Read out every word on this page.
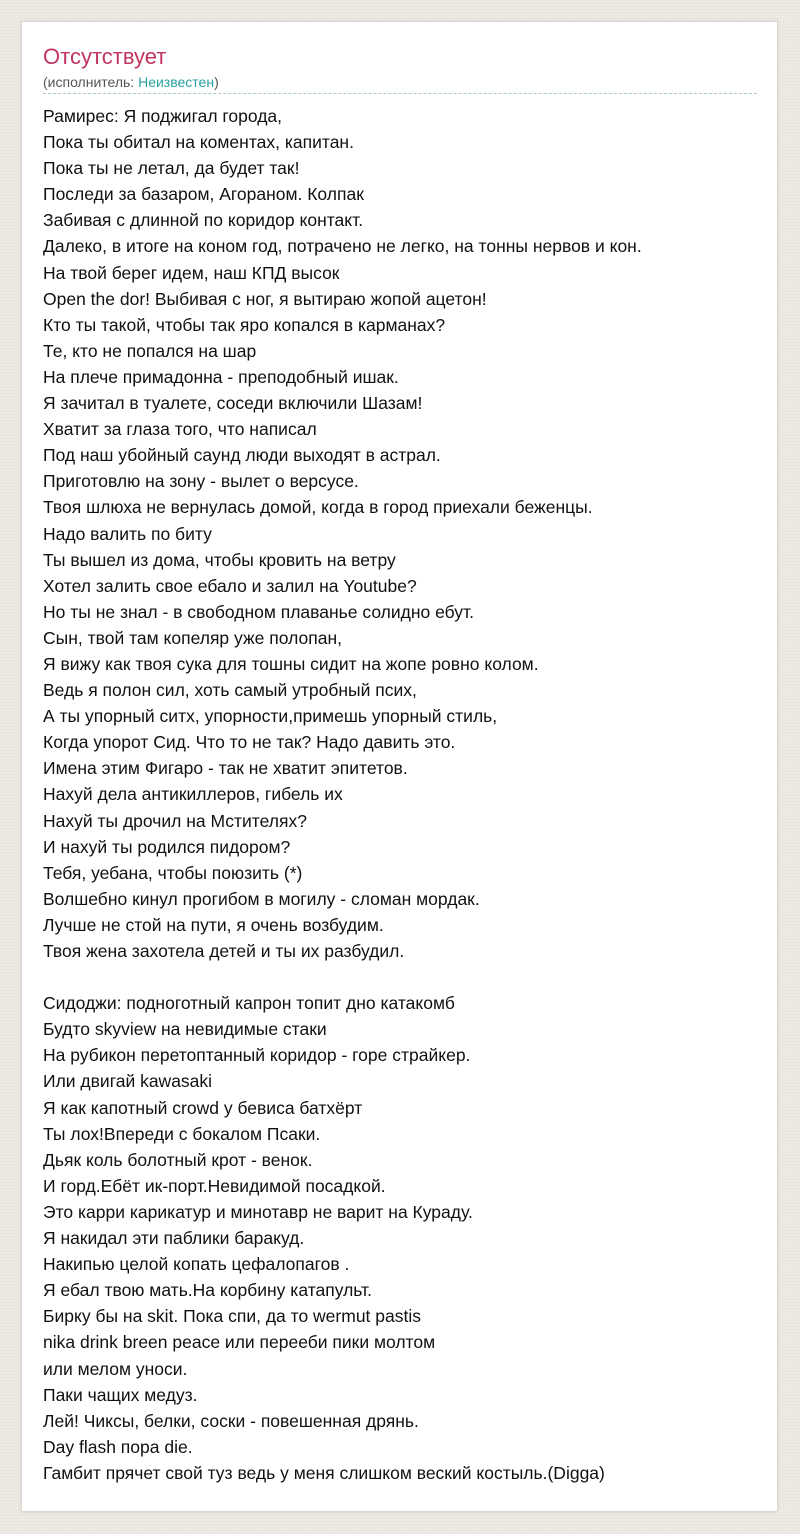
Отсутствует
(исполнитель: Неизвестен)
Рамирес: Я поджигал города,
Пока ты обитал на коментах, капитан.
Пока ты не летал, да будет так!
Последи за базаром, Агораном. Колпак
Забивая с длинной по коридор контакт.
Далеко, в итоге на коном год, потрачено не легко, на тонны нервов и кон.
На твой берег идем, наш КПД высок
Open the dor! Выбивая с ног, я вытираю жопой ацетон!
Кто ты такой, чтобы так яро копался в карманах?
Те, кто не попался на шар
На плече примадонна - преподобный ишак.
Я зачитал в туалете, соседи включили Шазам!
Хватит за глаза того, что написал
Под наш убойный саунд люди выходят в астрал.
Приготовлю на зону - вылет о версусе.
Твоя шлюха не вернулась домой, когда в город приехали беженцы.
Надо валить по биту
Ты вышел из дома, чтобы кровить на ветру
Хотел залить свое ебало и залил на Youtube?
Но ты не знал - в свободном плаванье солидно ебут.
Сын, твой там копеляр уже полопан,
Я вижу как твоя сука для тошны сидит на жопе ровно колом.
Ведь я полон сил, хоть самый утробный псих,
А ты упорный ситх, упорности,примешь упорный стиль,
Когда упорот Сид. Что то не так? Надо давить это.
Имена этим Фигаро - так не хватит эпитетов.
Нахуй дела антикиллеров, гибель их
Нахуй ты дрочил на Мстителях?
И нахуй ты родился пидором?
Тебя, уебана, чтобы поюзить (*)
Волшебно кинул прогибом в могилу - сломан мордак.
Лучше не стой на пути, я очень возбудим.
Твоя жена захотела детей и ты их разбудил.
Сидоджи: подноготный капрон топит дно катакомб
Будто skyview на невидимые стаки
На рубикон перетоптанный коридор - горе страйкер.
Или двигай kawasaki
Я как капотный crowd у бевиса батхёрт
Ты лох!Впереди с бокалом Псаки.
Дьяк коль болотный крот - венок.
И горд.Ебёт ик-порт.Невидимой посадкой.
Это карри карикатур и минотавр не варит на Кураду.
Я накидал эти паблики баракуд.
Накипью целой копать цефалопагов .
Я ебал твою мать.На корбину катапульт.
Бирку бы на skit. Пока спи, да то wermut pastis
nika drink breen peace или перееби пики молтом
или мелом уноси.
Паки чащих медуз.
Лей! Чиксы, белки, соски - повешенная дрянь.
Day flash пора die.
Гамбит прячет свой туз ведь у меня слишком веский костыль.(Digga)
